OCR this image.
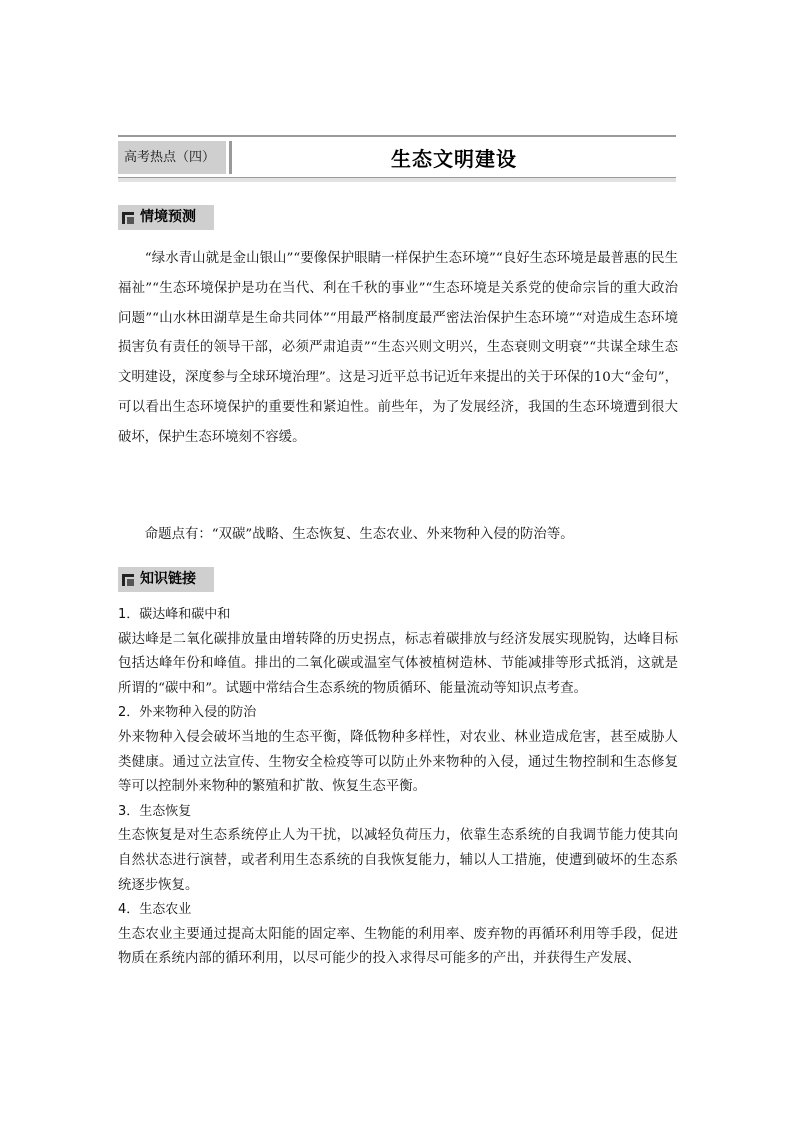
高考热点（四）	生态文明建设
情境预测

“绿水青山就是金山银山”“要像保护眼睛一样保护生态环境”“良好生态环境是最普惠的民生福祉”“生态环境保护是功在当代、利在千秋的事业”“生态环境是关系党的使命宗旨的重大政治问题”“山水林田湖草是生命共同体”“用最严格制度最严密法治保护生态环境”“对造成生态环境损害负有责任的领导干部，必须严肃追责”“生态兴则文明兴，生态衰则文明衰”“共谋全球生态文明建设，深度参与全球环境治理”。这是习近平总书记近年来提出的关于环保的10大“金句”，可以看出生态环境保护的重要性和紧迫性。前些年，为了发展经济，我国的生态环境遭到很大破坏，保护生态环境刻不容缓。

命题点有：“双碳”战略、生态恢复、生态农业、外来物种入侵的防治等。

知识链接

1．碳达峰和碳中和

碳达峰是二氧化碳排放量由增转降的历史拐点，标志着碳排放与经济发展实现脱钩，达峰目标包括达峰年份和峰值。排出的二氧化碳或温室气体被植树造林、节能减排等形式抵消，这就是所谓的“碳中和”。试题中常结合生态系统的物质循环、能量流动等知识点考查。

2．外来物种入侵的防治

外来物种入侵会破坏当地的生态平衡，降低物种多样性，对农业、林业造成危害，甚至威胁人类健康。通过立法宣传、生物安全检疫等可以防止外来物种的入侵，通过生物控制和生态修复等可以控制外来物种的繁殖和扩散、恢复生态平衡。

3．生态恢复

生态恢复是对生态系统停止人为干扰，以减轻负荷压力，依靠生态系统的自我调节能力使其向自然状态进行演替，或者利用生态系统的自我恢复能力，辅以人工措施，使遭到破坏的生态系统逐步恢复。

4．生态农业

生态农业主要通过提高太阳能的固定率、生物能的利用率、废弃物的再循环利用等手段，促进物质在系统内部的循环利用，以尽可能少的投入求得尽可能多的产出，并获得生产发展、
